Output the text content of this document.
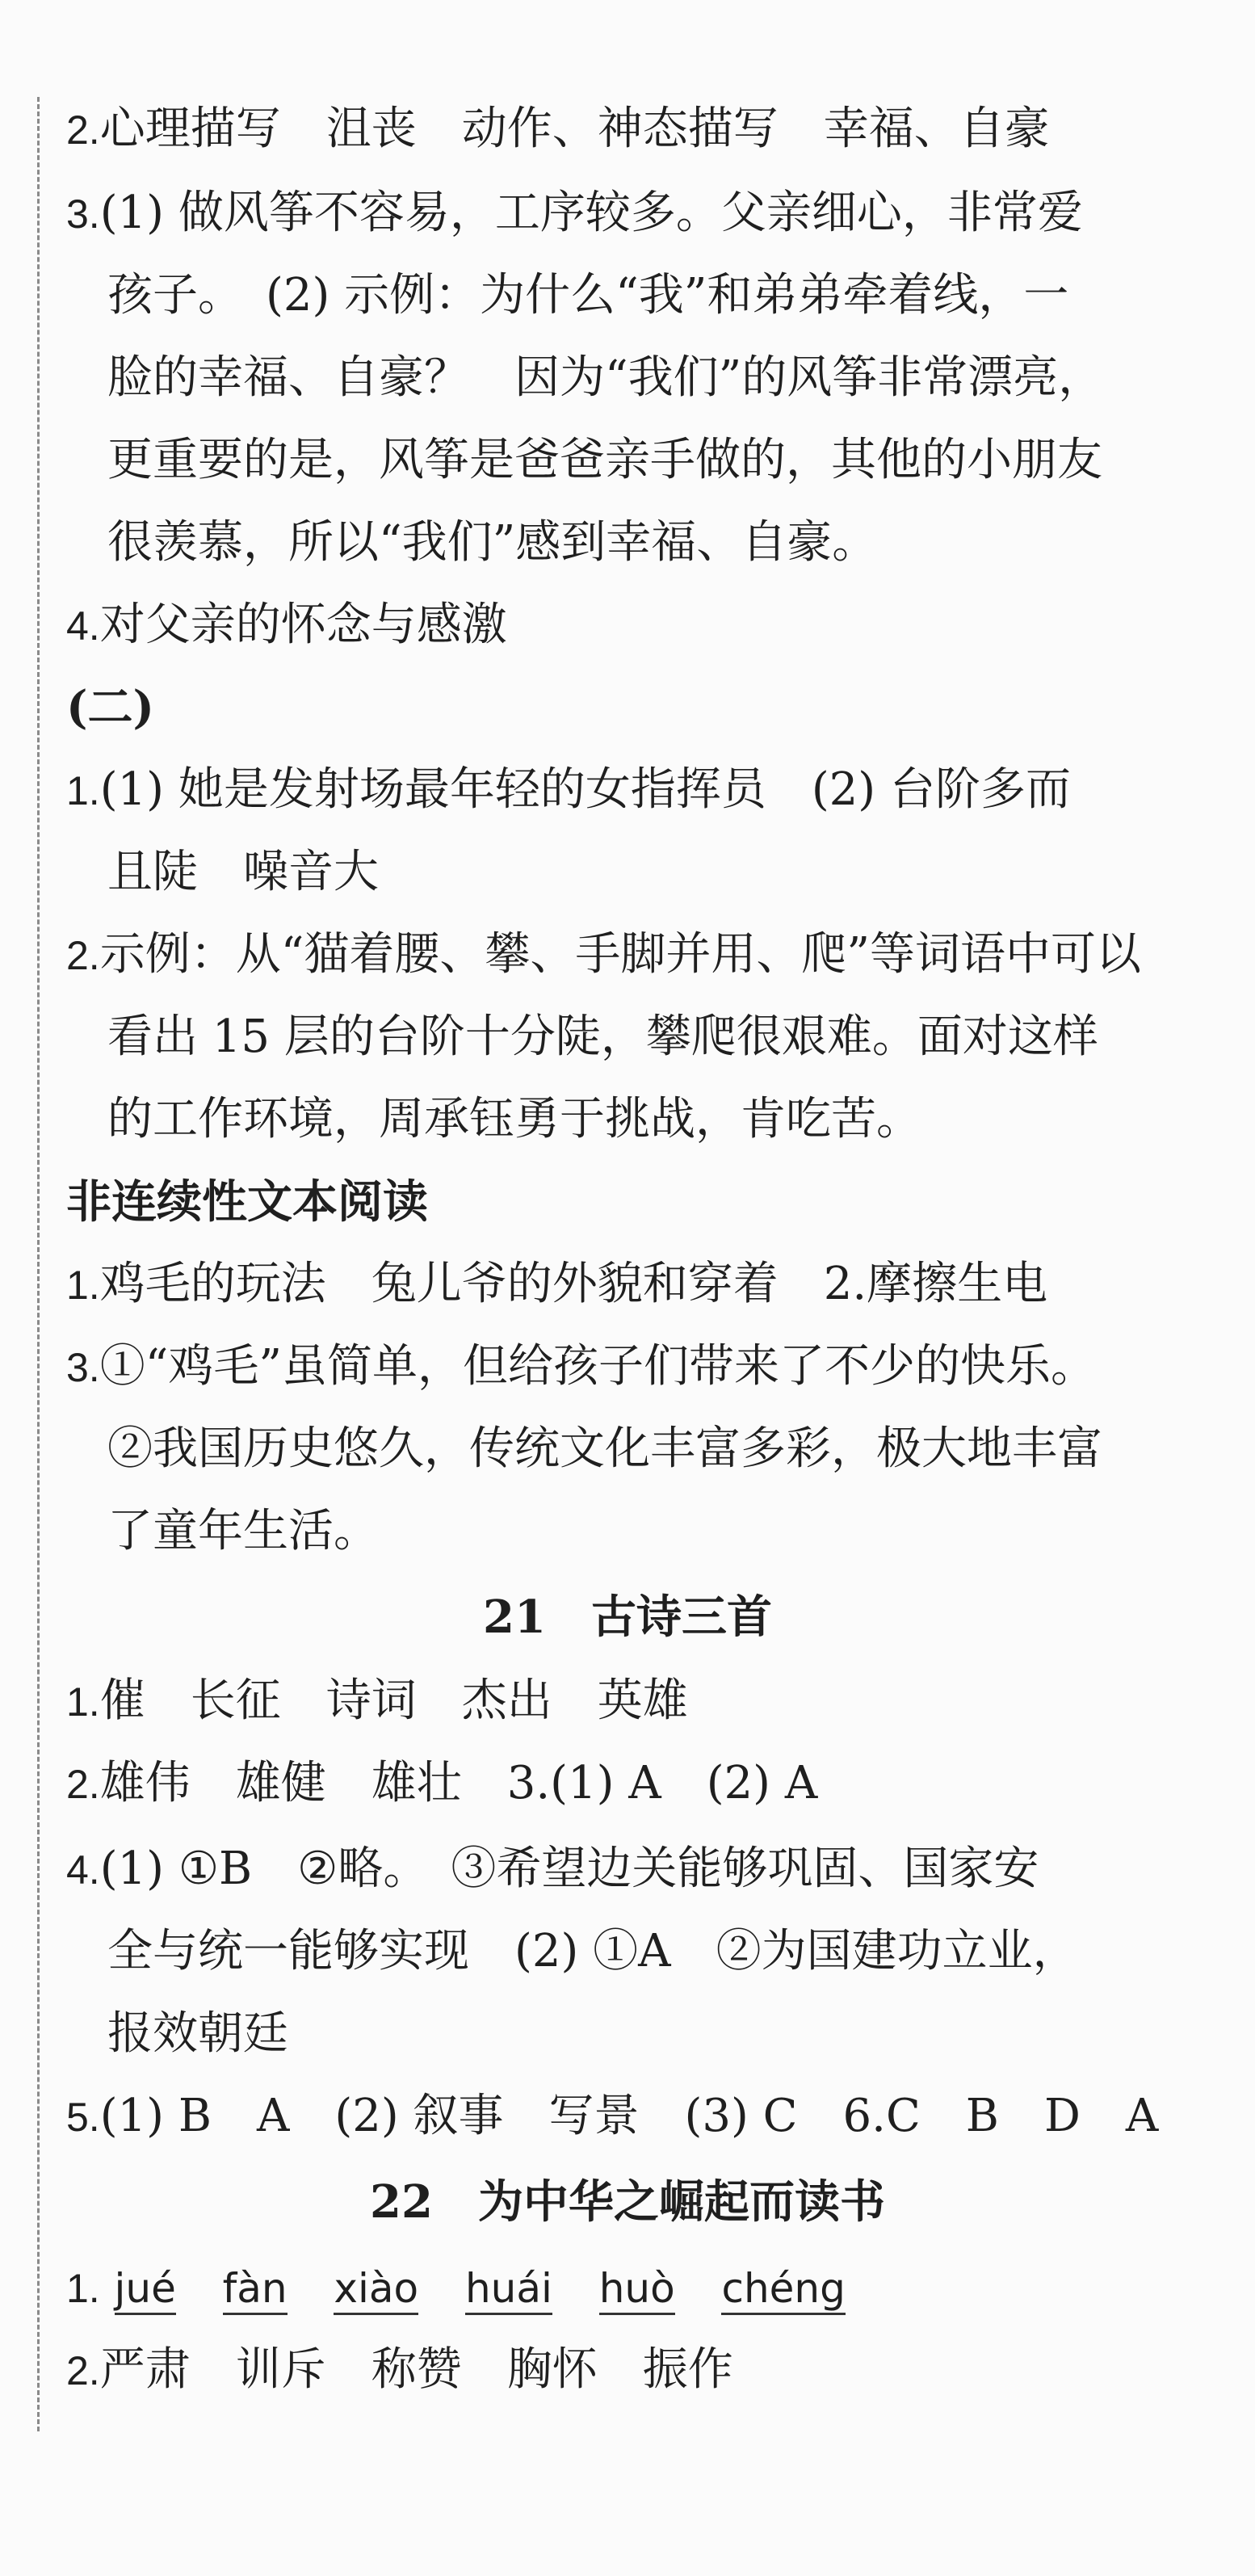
2.心理描写　沮丧　动作、神态描写　幸福、自豪
3.(1) 做风筝不容易，工序较多。父亲细心，非常爱
孩子。　(2) 示例：为什么“我”和弟弟牵着线，一
脸的幸福、自豪？　因为“我们”的风筝非常漂亮，
更重要的是，风筝是爸爸亲手做的，其他的小朋友
很羡慕，所以“我们”感到幸福、自豪。
4.对父亲的怀念与感激
(二)
1.(1) 她是发射场最年轻的女指挥员　(2) 台阶多而
且陡　噪音大
2.示例：从“猫着腰、攀、手脚并用、爬”等词语中可以
看出 15 层的台阶十分陡，攀爬很艰难。面对这样
的工作环境，周承钰勇于挑战，肯吃苦。
非连续性文本阅读
1.鸡毛的玩法　兔儿爷的外貌和穿着　2.摩擦生电
3.①“鸡毛”虽简单，但给孩子们带来了不少的快乐。
②我国历史悠久，传统文化丰富多彩，极大地丰富
了童年生活。
21　古诗三首
1.催　长征　诗词　杰出　英雄
2.雄伟　雄健　雄壮　3.(1) A　(2) A
4.(1) ①B　②略。　③希望边关能够巩固、国家安
全与统一能够实现　(2) ①A　②为国建功立业，
报效朝廷
5.(1) B　A　(2) 叙事　写景　(3) C　6.C　B　D　A
22　为中华之崛起而读书
1. jué fàn xiào huái huò chéng
2.严肃　训斥　称赞　胸怀　振作
